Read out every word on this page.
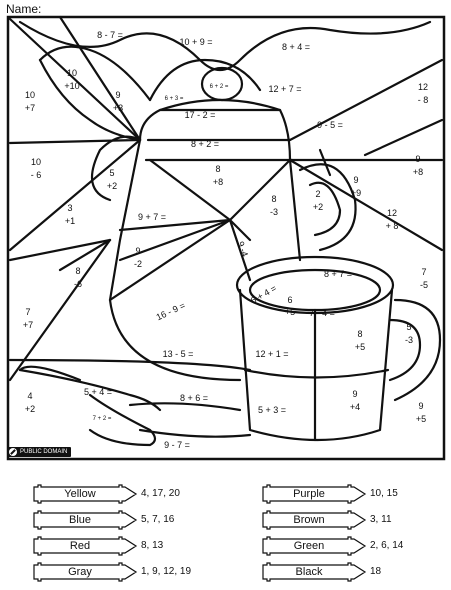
Name:
8 - 7 =
10 + 9 =	8 + 4 =
10
+10
9
+3
6 + 2 =	12 + 7 =	12
- 8
10
+7
6 + 3 =
17 - 2 =
9 - 5 =
8 + 2 =
10
- 6	5
+2
8
+8
9
+8
3
+1	9 + 7 =
8
-3
2
+2
9
+9
12
+ 8
9
-2
9 -4
8
-6
8 + 7 =	7
-5
6 + 4 = 6
+5 7 - 4 =
16 - 9 =
7
+7
8
+5
5
-3
13 - 5 =	12 + 1 =
5 + 4 =
4
+2
8 + 6 =
5 + 3 =
9
+4	9
+5
7 + 2 =
9 - 7 =
PUBLIC DOMAIN
Yellow	4, 17, 20
Blue	5, 7, 16
Red	8, 13
Gray	1, 9, 12, 19
Purple	10, 15
Brown	3, 11
Green	2, 6, 14
Black	18
